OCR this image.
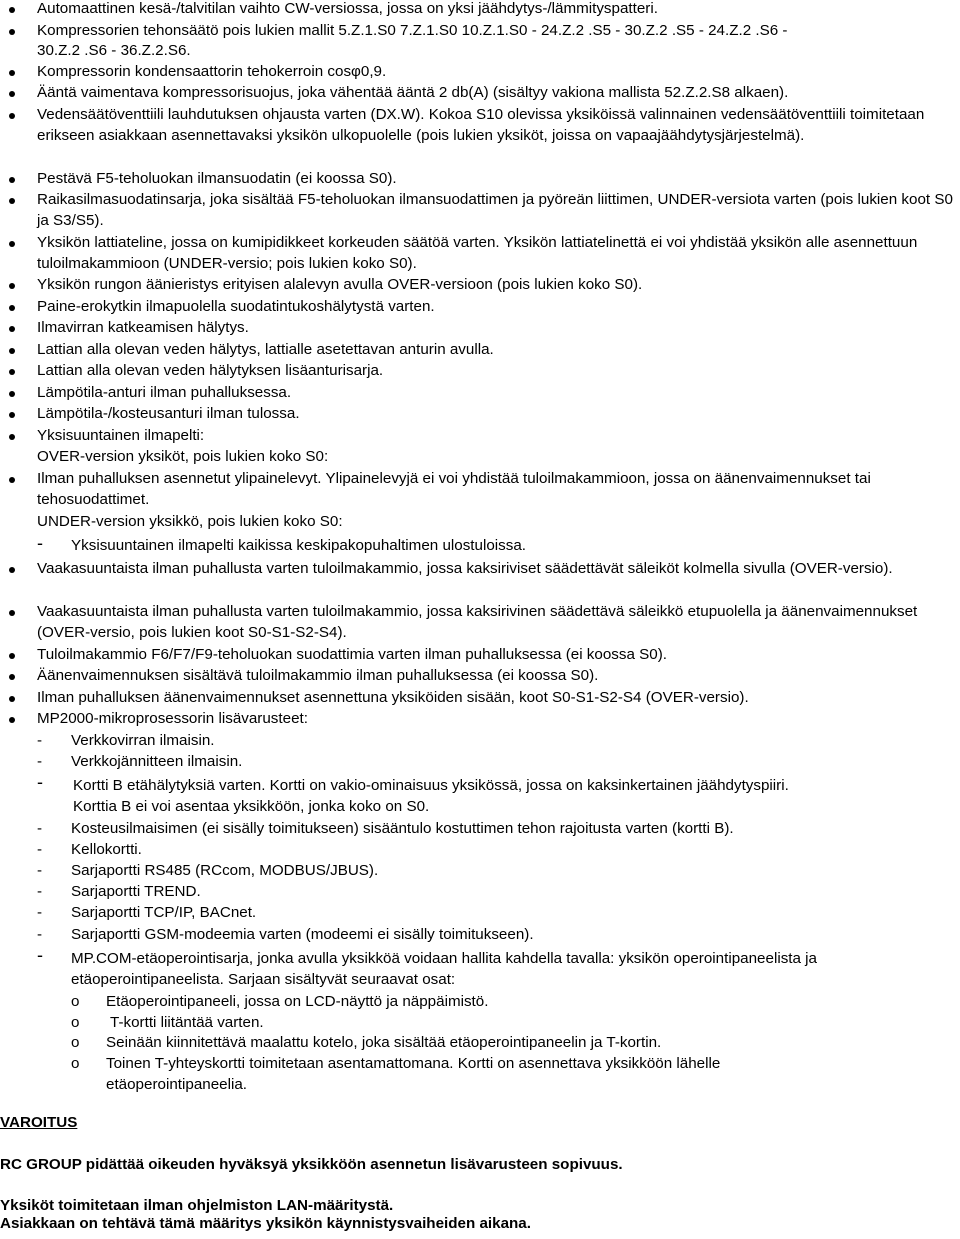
Automaattinen kesä-/talvitilan vaihto CW-versiossa, jossa on yksi jäähdytys-/lämmityspatteri.
Kompressorien tehonsäätö pois lukien mallit 5.Z.1.S0 7.Z.1.S0 10.Z.1.S0 - 24.Z.2 .S5 - 30.Z.2 .S5 - 24.Z.2 .S6 -
30.Z.2 .S6 - 36.Z.2.S6.
Kompressorin kondensaattorin tehokerroin cosφ0,9.
Ääntä vaimentava kompressorisuojus, joka vähentää ääntä 2 db(A) (sisältyy vakiona mallista 52.Z.2.S8 alkaen).
Vedensäätöventtiili lauhdutuksen ohjausta varten (DX.W). Kokoa S10 olevissa yksiköissä valinnainen vedensäätöventtiili toimitetaan erikseen asiakkaan asennettavaksi yksikön ulkopuolelle (pois lukien yksiköt, joissa on vapaajäähdytysjärjestelmä).
Pestävä F5-teholuokan ilmansuodatin (ei koossa S0).
Raikasilmasuodatinsarja, joka sisältää F5-teholuokan ilmansuodattimen ja pyöreän liittimen, UNDER-versiota varten (pois lukien koot S0 ja S3/S5).
Yksikön lattiateline, jossa on kumipidikkeet korkeuden säätöä varten. Yksikön lattiatelinettä ei voi yhdistää yksikön alle asennettuun tuloilmakammioon (UNDER-versio; pois lukien koko S0).
Yksikön rungon äänieristys erityisen alalevyn avulla OVER-versioon (pois lukien koko S0).
Paine-erokytkin ilmapuolella suodatintukoshälytystä varten.
Ilmavirran katkeamisen hälytys.
Lattian alla olevan veden hälytys, lattialle asetettavan anturin avulla.
Lattian alla olevan veden hälytyksen lisäanturisarja.
Lämpötila-anturi ilman puhalluksessa.
Lämpötila-/kosteusanturi ilman tulossa.
Yksisuuntainen ilmapelti:
OVER-version yksiköt, pois lukien koko S0:
Ilman puhalluksen asennetut ylipainelevyt. Ylipainelevyjä ei voi yhdistää tuloilmakammioon, jossa on äänenvaimennukset tai tehosuodattimet.
UNDER-version yksikkö, pois lukien koko S0:
- Yksisuuntainen ilmapelti kaikissa keskipakopuhaltimen ulostuloissa.
Vaakasuuntaista ilman puhallusta varten tuloilmakammio, jossa kaksiriviset säädettävät säleiköt kolmella sivulla (OVER-versio).
Vaakasuuntaista ilman puhallusta varten tuloilmakammio, jossa kaksirivinen säädettävä säleikkö etupuolella ja äänenvaimennukset (OVER-versio, pois lukien koot S0-S1-S2-S4).
Tuloilmakammio F6/F7/F9-teholuokan suodattimia varten ilman puhalluksessa (ei koossa S0).
Äänenvaimennuksen sisältävä tuloilmakammio ilman puhalluksessa (ei koossa S0).
Ilman puhalluksen äänenvaimennukset asennettuna yksiköiden sisään, koot S0-S1-S2-S4 (OVER-versio).
MP2000-mikroprosessorin lisävarusteet:
- Verkkovirran ilmaisin.
- Verkkojännitteen ilmaisin.
- Kortti B etähälytyksiä varten. Kortti on vakio-ominaisuus yksikössä, jossa on kaksinkertainen jäähdytyspiiri.
Korttia B ei voi asentaa yksikköön, jonka koko on S0.
- Kosteusilmaisimen (ei sisälly toimitukseen) sisääntulo kostuttimen tehon rajoitusta varten (kortti B).
- Kellokortti.
- Sarjaportti RS485 (RCcom, MODBUS/JBUS).
- Sarjaportti TREND.
- Sarjaportti TCP/IP, BACnet.
- Sarjaportti GSM-modeemia varten (modeemi ei sisälly toimitukseen).
- MP.COM-etäoperointisarja, jonka avulla yksikköä voidaan hallita kahdella tavalla: yksikön operointipaneelista ja
etäoperointipaneelista. Sarjaan sisältyvät seuraavat osat:
o Etäoperointipaneeli, jossa on LCD-näyttö ja näppäimistö.
o T-kortti liitäntää varten.
o Seinään kiinnitettävä maalattu kotelo, joka sisältää etäoperointipaneelin ja T-kortin.
o Toinen T-yhteyskortti toimitetaan asentamattomana. Kortti on asennettava yksikköön lähelle
etäoperointipaneelia.
VAROITUS
RC GROUP pidättää oikeuden hyväksyä yksikköön asennetun lisävarusteen sopivuus.
Yksiköt toimitetaan ilman ohjelmiston LAN-määritystä.
Asiakkaan on tehtävä tämä määritys yksikön käynnistysvaiheiden aikana.
